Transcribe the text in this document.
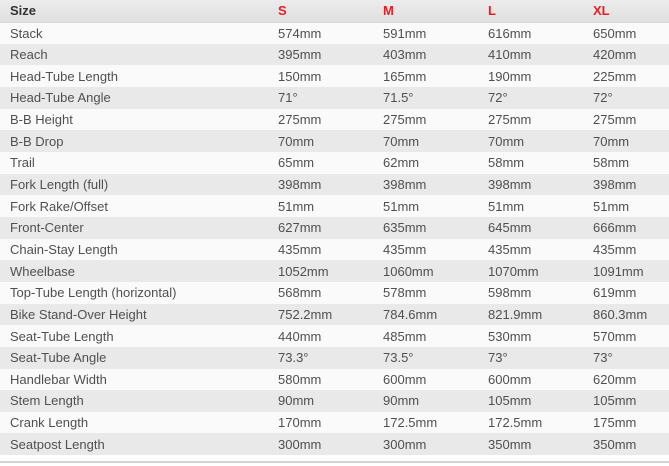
Size	S	M	L	XL
Stack	574mm	591mm	616mm	650mm
Reach	395mm	403mm	410mm	420mm
Head-Tube Length	150mm	165mm	190mm	225mm
Head-Tube Angle	71°	71.5°	72°	72°
B-B Height	275mm	275mm	275mm	275mm
B-B Drop	70mm	70mm	70mm	70mm
Trail	65mm	62mm	58mm	58mm
Fork Length (full)	398mm	398mm	398mm	398mm
Fork Rake/Offset	51mm	51mm	51mm	51mm
Front-Center	627mm	635mm	645mm	666mm
Chain-Stay Length	435mm	435mm	435mm	435mm
Wheelbase	1052mm	1060mm	1070mm	1091mm
Top-Tube Length (horizontal)	568mm	578mm	598mm	619mm
Bike Stand-Over Height	752.2mm	784.6mm	821.9mm	860.3mm
Seat-Tube Length	440mm	485mm	530mm	570mm
Seat-Tube Angle	73.3°	73.5°	73°	73°
Handlebar Width	580mm	600mm	600mm	620mm
Stem Length	90mm	90mm	105mm	105mm
Crank Length	170mm	172.5mm	172.5mm	175mm
Seatpost Length	300mm	300mm	350mm	350mm
